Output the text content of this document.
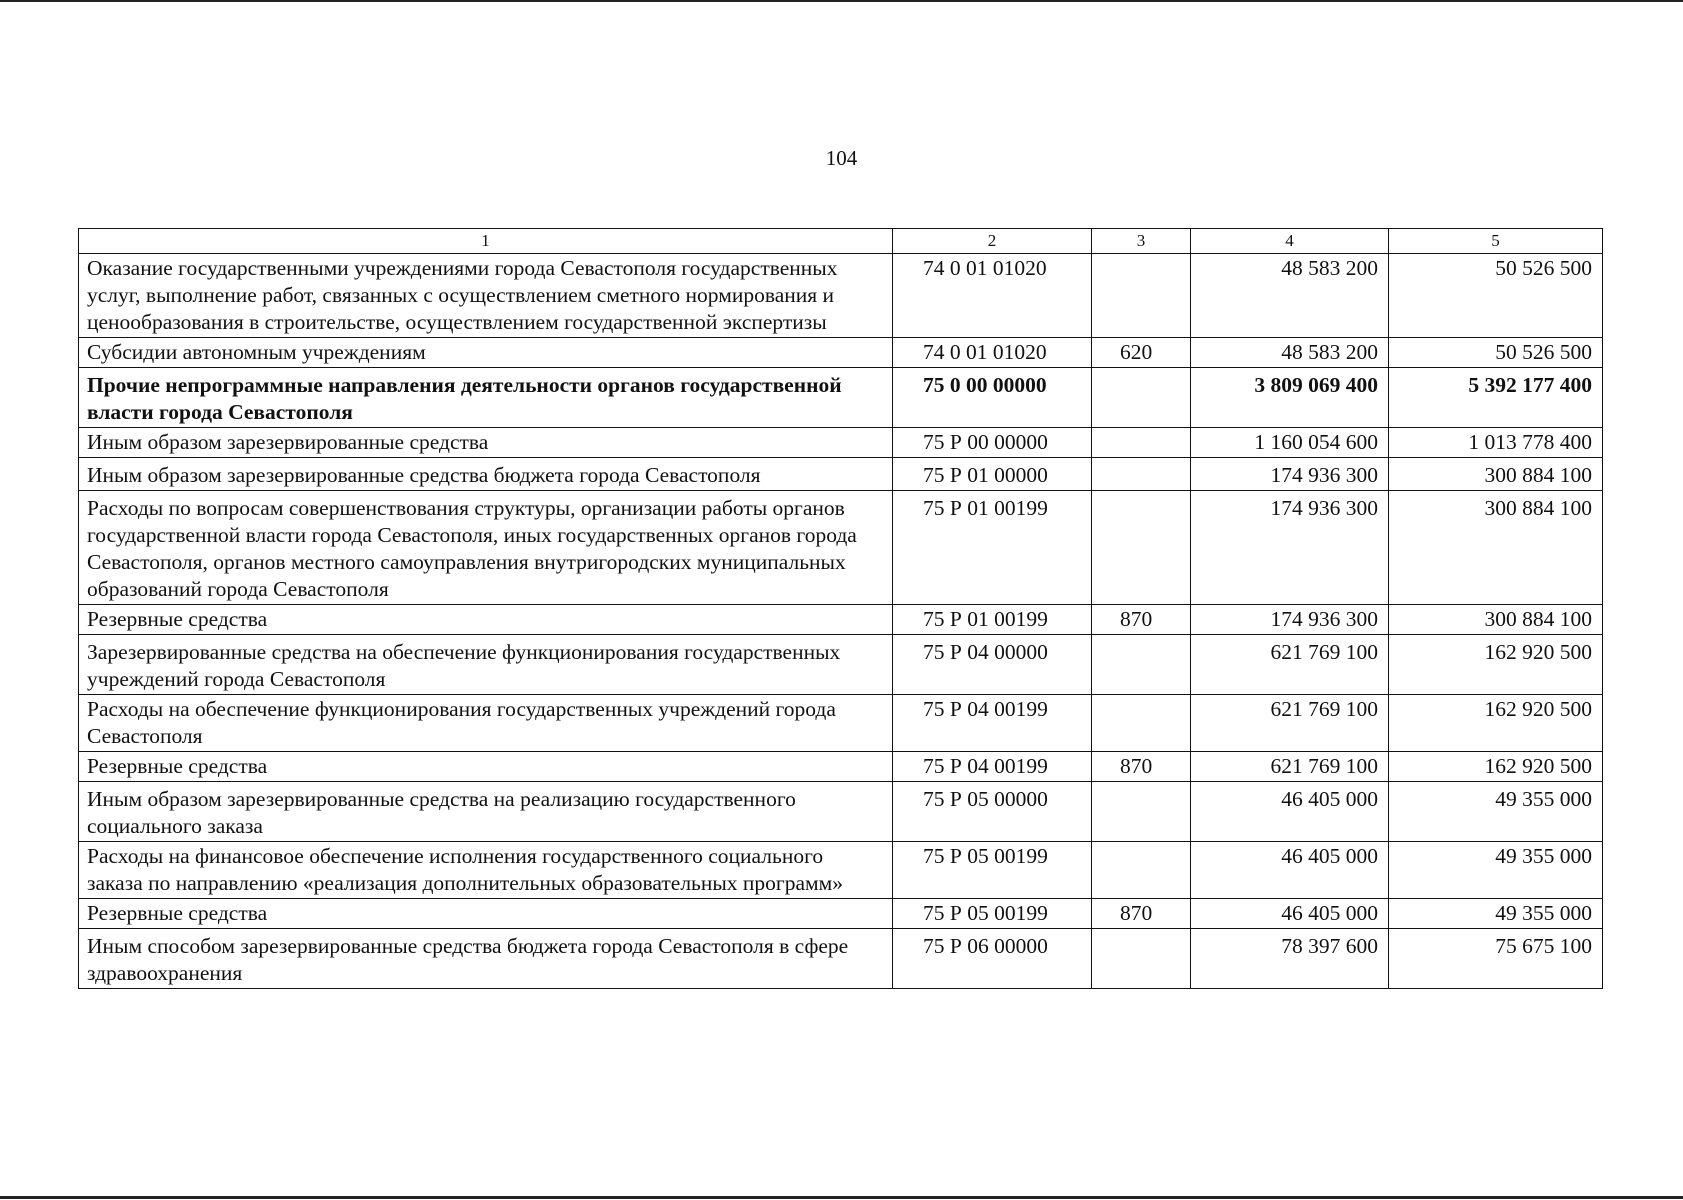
104
1	2	3	4	5
Оказание государственными учреждениями города Севастополя государственных услуг, выполнение работ, связанных с осуществлением сметного нормирования и ценообразования в строительстве, осуществлением государственной экспертизы	74 0 01 01020		48 583 200	50 526 500
Субсидии автономным учреждениям	74 0 01 01020	620	48 583 200	50 526 500
Прочие непрограммные направления деятельности органов государственной власти города Севастополя	75 0 00 00000		3 809 069 400	5 392 177 400
Иным образом зарезервированные средства	75 Р 00 00000		1 160 054 600	1 013 778 400
Иным образом зарезервированные средства бюджета города Севастополя	75 Р 01 00000		174 936 300	300 884 100
Расходы по вопросам совершенствования структуры, организации работы органов государственной власти города Севастополя, иных государственных органов города Севастополя, органов местного самоуправления внутригородских муниципальных образований города Севастополя	75 Р 01 00199		174 936 300	300 884 100
Резервные средства	75 Р 01 00199	870	174 936 300	300 884 100
Зарезервированные средства на обеспечение функционирования государственных учреждений города Севастополя	75 Р 04 00000		621 769 100	162 920 500
Расходы на обеспечение функционирования государственных учреждений города Севастополя	75 Р 04 00199		621 769 100	162 920 500
Резервные средства	75 Р 04 00199	870	621 769 100	162 920 500
Иным образом зарезервированные средства на реализацию государственного социального заказа	75 Р 05 00000		46 405 000	49 355 000
Расходы на финансовое обеспечение исполнения государственного социального заказа по направлению «реализация дополнительных образовательных программ»	75 Р 05 00199		46 405 000	49 355 000
Резервные средства	75 Р 05 00199	870	46 405 000	49 355 000
Иным способом зарезервированные средства бюджета города Севастополя в сфере здравоохранения	75 Р 06 00000		78 397 600	75 675 100
